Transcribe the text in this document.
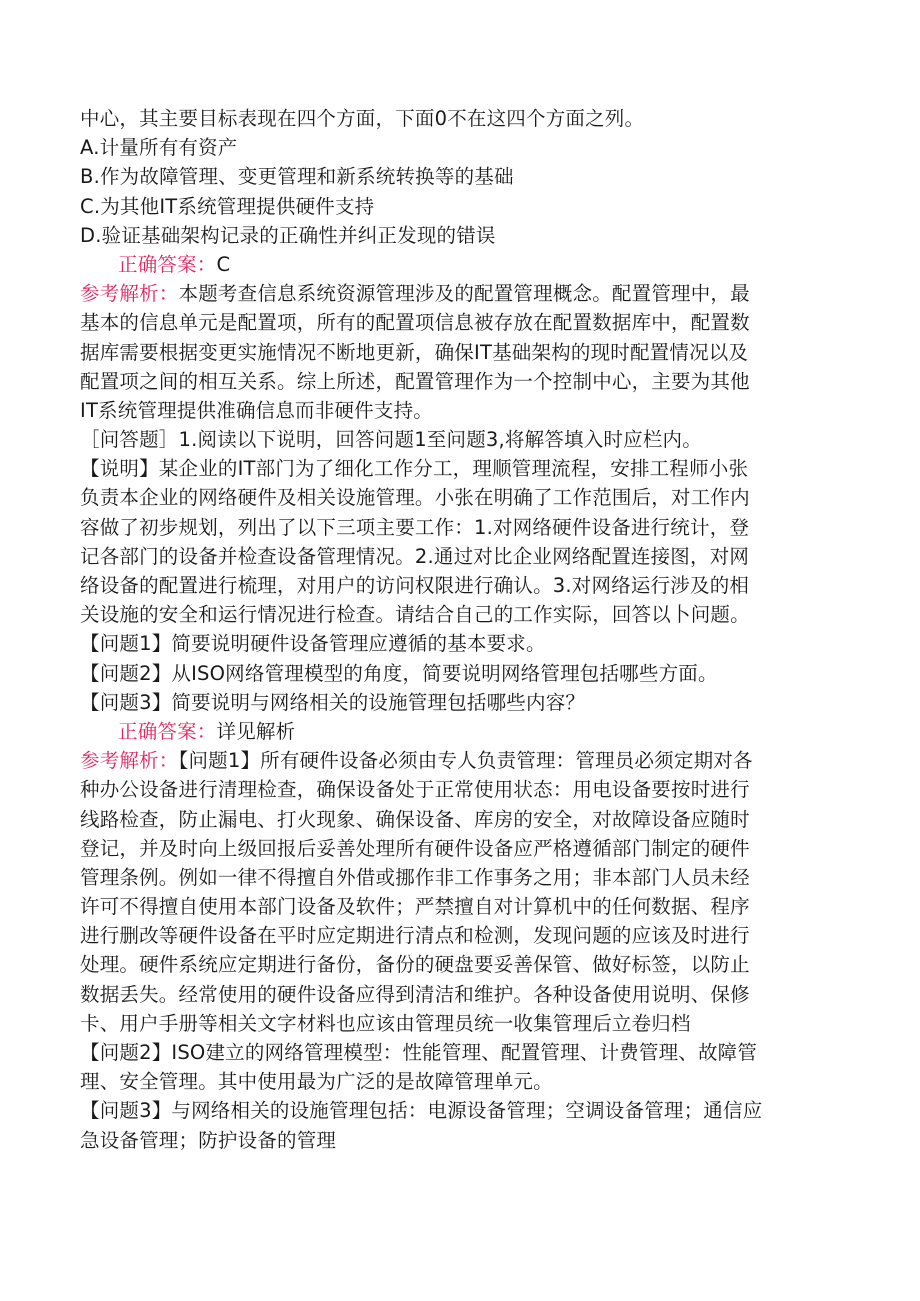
中心，其主要目标表现在四个方面，下面0不在这四个方面之列。
A.计量所有有资产
B.作为故障管理、变更管理和新系统转换等的基础
C.为其他IT系统管理提供硬件支持
D.验证基础架构记录的正确性并纠正发现的错误
正确答案：C
参考解析：本题考查信息系统资源管理涉及的配置管理概念。配置管理中，最
基本的信息单元是配置项，所有的配置项信息被存放在配置数据库中，配置数
据库需要根据变更实施情况不断地更新，确保IT基础架构的现时配置情况以及
配置项之间的相互关系。综上所述，配置管理作为一个控制中心，主要为其他
IT系统管理提供准确信息而非硬件支持。
［问答题］1.阅读以下说明，回答问题1至问题3,将解答填入时应栏内。
【说明】某企业的IT部门为了细化工作分工，理顺管理流程，安排工程师小张
负责本企业的网络硬件及相关设施管理。小张在明确了工作范围后，对工作内
容做了初步规划，列出了以下三项主要工作：1.对网络硬件设备进行统计，登
记各部门的设备并检查设备管理情况。2.通过对比企业网络配置连接图，对网
络设备的配置进行梳理，对用户的访问权限进行确认。3.对网络运行涉及的相
关设施的安全和运行情况进行检查。请结合自己的工作实际，回答以卜问题。
【问题1】简要说明硬件设备管理应遵循的基本要求。
【问题2】从ISO网络管理模型的角度，简要说明网络管理包括哪些方面。
【问题3】简要说明与网络相关的设施管理包括哪些内容？
正确答案：详见解析
参考解析：【问题1】所有硬件设备必须由专人负责管理：管理员必须定期对各
种办公设备进行清理检查，确保设备处于正常使用状态：用电设备要按时进行
线路检查，防止漏电、打火现象、确保设备、库房的安全，对故障设备应随时
登记，并及时向上级回报后妥善处理所有硬件设备应严格遵循部门制定的硬件
管理条例。例如一律不得擅自外借或挪作非工作事务之用；非本部门人员未经
许可不得擅自使用本部门设备及软件；严禁擅自对计算机中的任何数据、程序
进行删改等硬件设备在平时应定期进行清点和检测，发现问题的应该及时进行
处理。硬件系统应定期进行备份，备份的硬盘要妥善保管、做好标签，以防止
数据丢失。经常使用的硬件设备应得到清洁和维护。各种设备使用说明、保修
卡、用户手册等相关文字材料也应该由管理员统一收集管理后立卷归档
【问题2】ISO建立的网络管理模型：性能管理、配置管理、计费管理、故障管
理、安全管理。其中使用最为广泛的是故障管理单元。
【问题3】与网络相关的设施管理包括：电源设备管理；空调设备管理；通信应
急设备管理；防护设备的管理
